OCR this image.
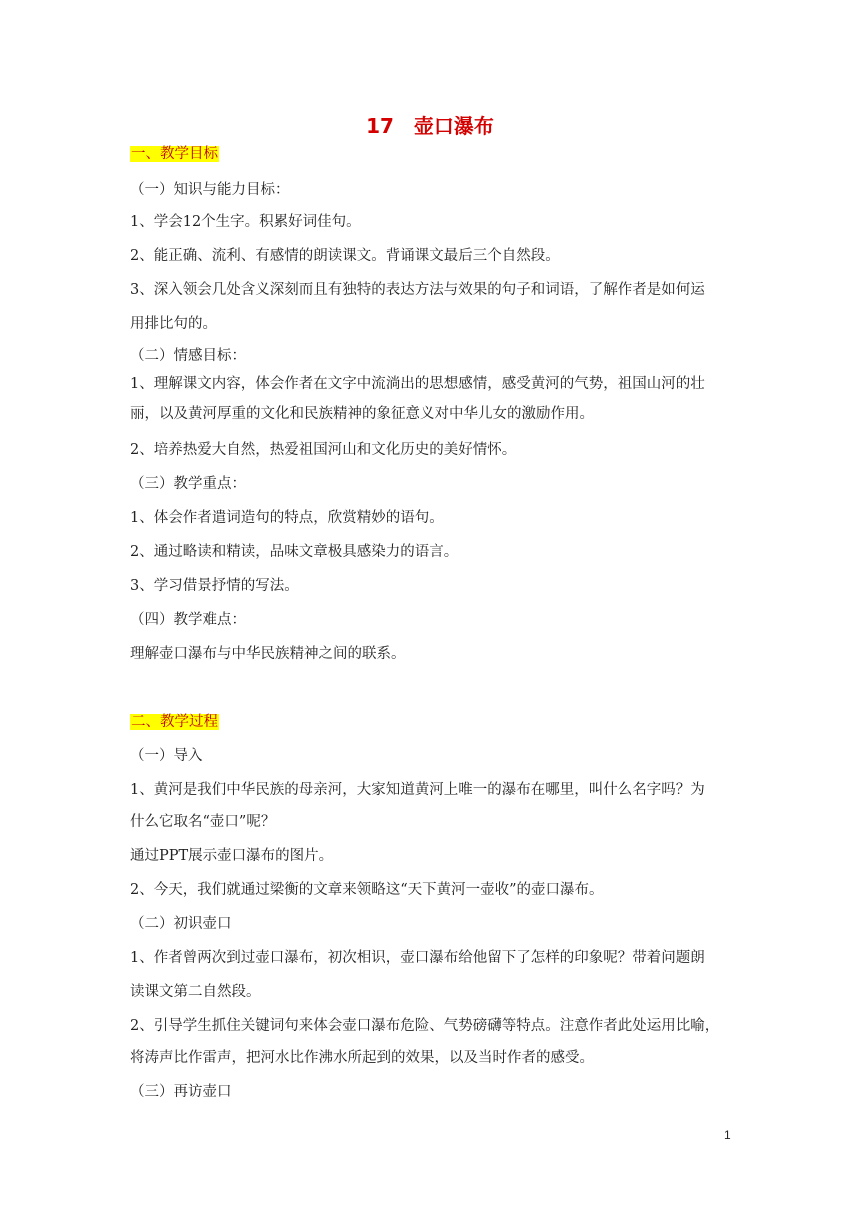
17　壶口瀑布
一、教学目标
（一）知识与能力目标：
1、学会12个生字。积累好词佳句。
2、能正确、流利、有感情的朗读课文。背诵课文最后三个自然段。
3、深入领会几处含义深刻而且有独特的表达方法与效果的句子和词语，了解作者是如何运
用排比句的。
（二）情感目标：
1、理解课文内容，体会作者在文字中流淌出的思想感情，感受黄河的气势，祖国山河的壮
丽，以及黄河厚重的文化和民族精神的象征意义对中华儿女的激励作用。
2、培养热爱大自然，热爱祖国河山和文化历史的美好情怀。
（三）教学重点：
1、体会作者遣词造句的特点，欣赏精妙的语句。
2、通过略读和精读，品味文章极具感染力的语言。
3、学习借景抒情的写法。
（四）教学难点：
理解壶口瀑布与中华民族精神之间的联系。
二、教学过程
（一）导入
1、黄河是我们中华民族的母亲河，大家知道黄河上唯一的瀑布在哪里，叫什么名字吗？为
什么它取名“壶口”呢？
通过PPT展示壶口瀑布的图片。
2、今天，我们就通过梁衡的文章来领略这“天下黄河一壶收”的壶口瀑布。
（二）初识壶口
1、作者曾两次到过壶口瀑布，初次相识，壶口瀑布给他留下了怎样的印象呢？带着问题朗
读课文第二自然段。
2、引导学生抓住关键词句来体会壶口瀑布危险、气势磅礴等特点。注意作者此处运用比喻，
将涛声比作雷声，把河水比作沸水所起到的效果，以及当时作者的感受。
（三）再访壶口
1
